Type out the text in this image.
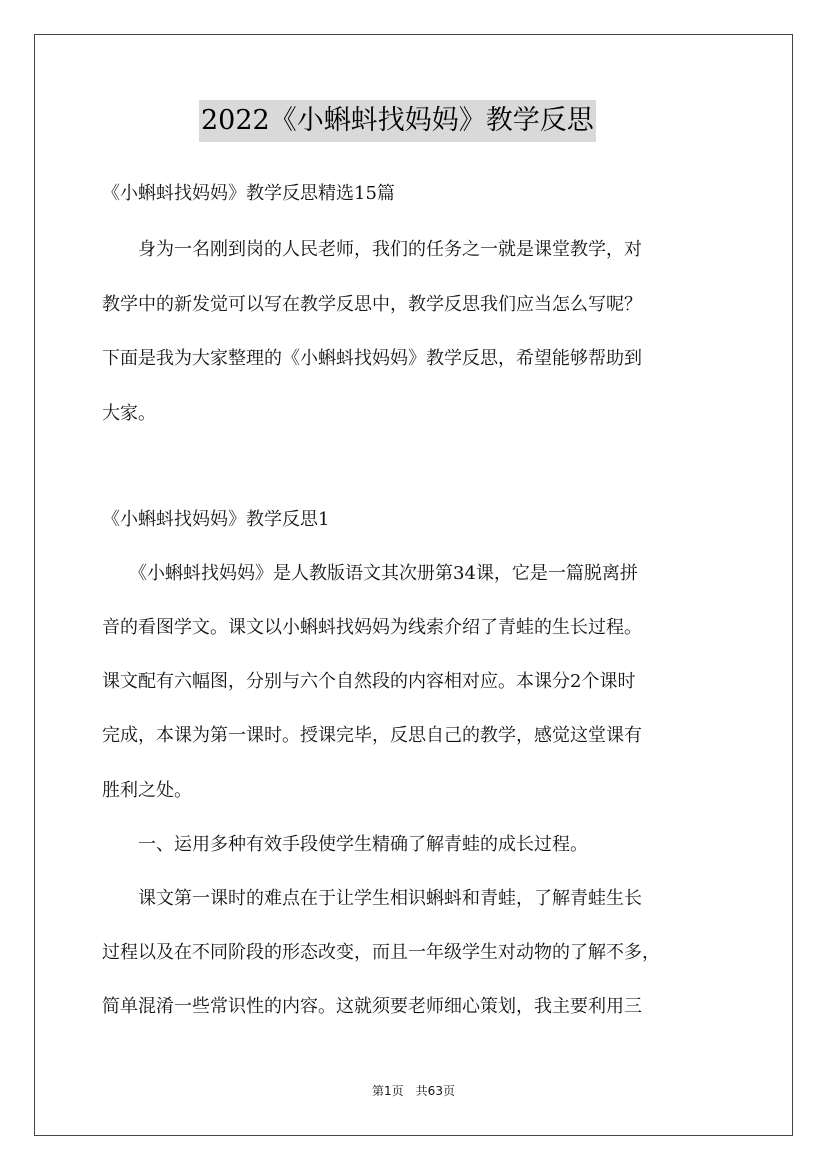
2022《小蝌蚪找妈妈》教学反思
《小蝌蚪找妈妈》教学反思精选15篇
　　身为一名刚到岗的人民老师，我们的任务之一就是课堂教学，对
教学中的新发觉可以写在教学反思中，教学反思我们应当怎么写呢？
下面是我为大家整理的《小蝌蚪找妈妈》教学反思，希望能够帮助到
大家。
《小蝌蚪找妈妈》教学反思1
　　《小蝌蚪找妈妈》是人教版语文其次册第34课，它是一篇脱离拼
音的看图学文。课文以小蝌蚪找妈妈为线索介绍了青蛙的生长过程。
课文配有六幅图，分别与六个自然段的内容相对应。本课分2个课时
完成，本课为第一课时。授课完毕，反思自己的教学，感觉这堂课有
胜利之处。
　　一、运用多种有效手段使学生精确了解青蛙的成长过程。
　　课文第一课时的难点在于让学生相识蝌蚪和青蛙，了解青蛙生长
过程以及在不同阶段的形态改变，而且一年级学生对动物的了解不多，
简单混淆一些常识性的内容。这就须要老师细心策划，我主要利用三
第1页　共63页
